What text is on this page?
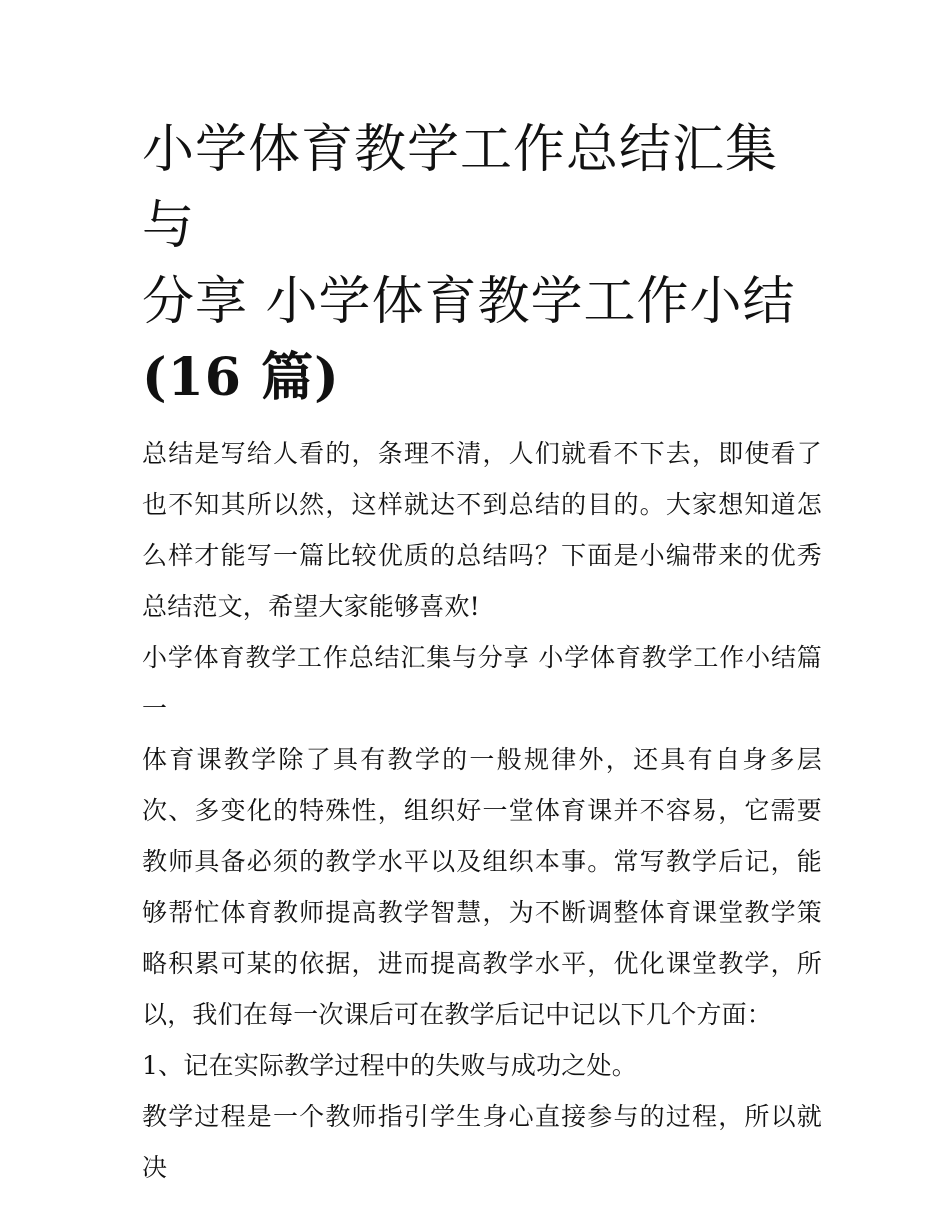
小学体育教学工作总结汇集与
分享 小学体育教学工作小结
(16 篇)

总结是写给人看的，条理不清，人们就看不下去，即使看了也不知其所以然，这样就达不到总结的目的。大家想知道怎么样才能写一篇比较优质的总结吗？下面是小编带来的优秀总结范文，希望大家能够喜欢!

小学体育教学工作总结汇集与分享 小学体育教学工作小结篇一

体育课教学除了具有教学的一般规律外，还具有自身多层次、多变化的特殊性，组织好一堂体育课并不容易，它需要教师具备必须的教学水平以及组织本事。常写教学后记，能够帮忙体育教师提高教学智慧，为不断调整体育课堂教学策略积累可某的依据，进而提高教学水平，优化课堂教学，所以，我们在每一次课后可在教学后记中记以下几个方面：

1、记在实际教学过程中的失败与成功之处。

教学过程是一个教师指引学生身心直接参与的过程，所以就决
